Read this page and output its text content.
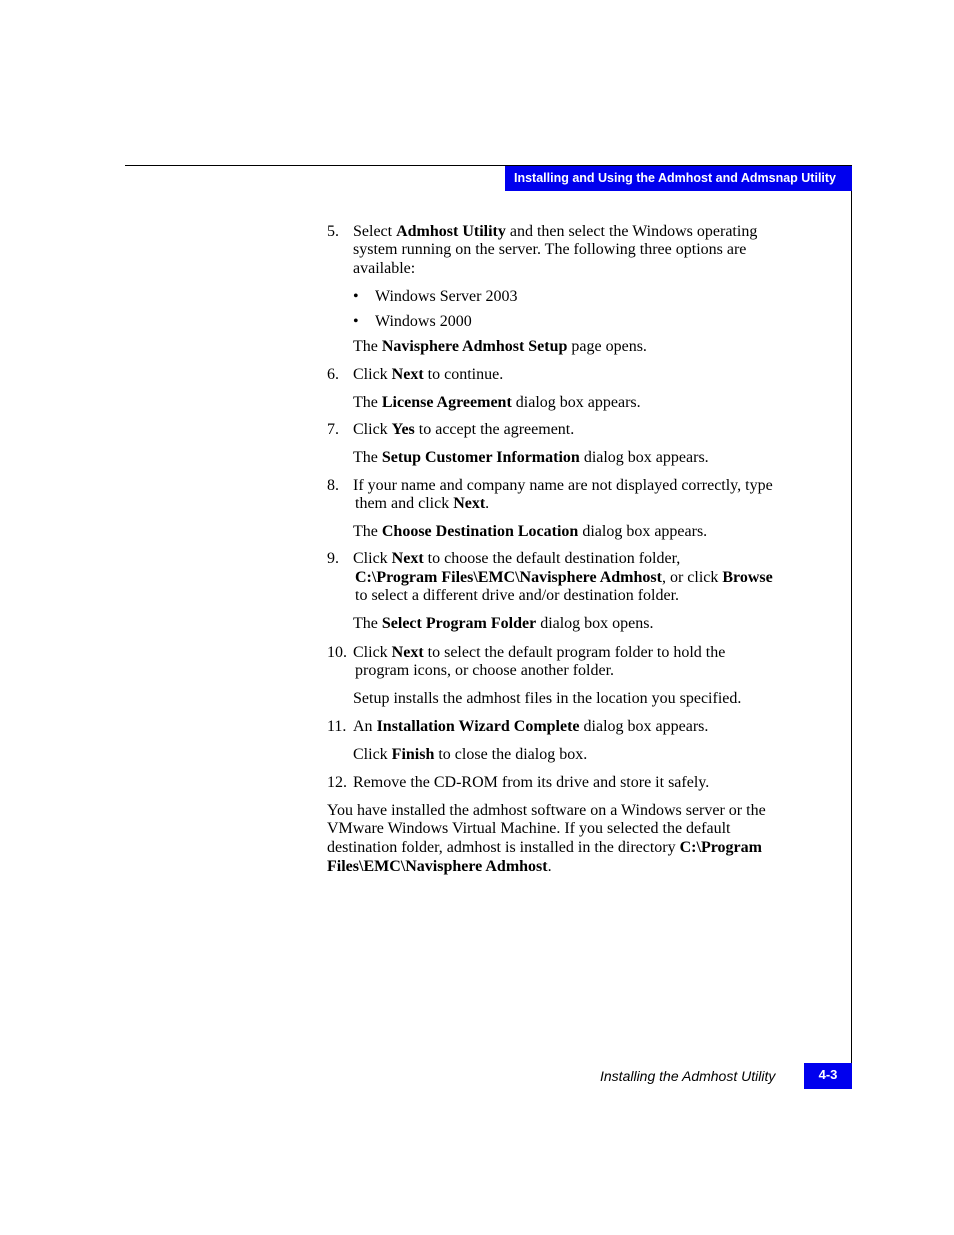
Installing and Using the Admhost and Admsnap Utility
5. Select Admhost Utility and then select the Windows operating

system running on the server. The following three options are

available:

• Windows Server 2003

• Windows 2000

The Navisphere Admhost Setup page opens.

6. Click Next to continue.

The License Agreement dialog box appears.

7. Click Yes to accept the agreement.

The Setup Customer Information dialog box appears.

8. If your name and company name are not displayed correctly, type

them and click Next.

The Choose Destination Location dialog box appears.

9. Click Next to choose the default destination folder,

C:\Program Files\EMC\Navisphere Admhost, or click Browse

to select a different drive and/or destination folder.

The Select Program Folder dialog box opens.

10. Click Next to select the default program folder to hold the

program icons, or choose another folder.

Setup installs the admhost files in the location you specified.

11. An Installation Wizard Complete dialog box appears.

Click Finish to close the dialog box.

12. Remove the CD-ROM from its drive and store it safely.

You have installed the admhost software on a Windows server or the

VMware Windows Virtual Machine. If you selected the default

destination folder, admhost is installed in the directory C:\Program

Files\EMC\Navisphere Admhost.

Installing the Admhost Utility	4-3
